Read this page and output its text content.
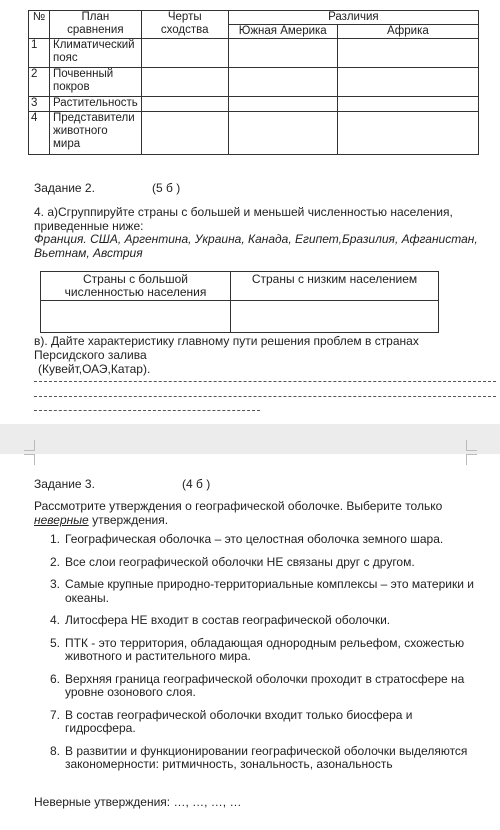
№	План сравнения	Черты сходства	Различия	
			Южная Америка	Африка
1	Климатический пояс			
2	Почвенный покров			
3	Растительность			
4	Представители животного мира			
Задание 2.	(5 б )
4. а)Сгруппируйте страны с большей и меньшей численностью населения, приведенные ниже:
Франция. США, Аргентина, Украина, Канада, Египет,Бразилия, Афганистан, Вьетнам, Австрия
Страны с большой численностью населения	Страны с низким населением

в). Дайте характеристику главному пути решения проблем в странах Персидского залива
(Кувейт,ОАЭ,Катар).
Задание 3.	(4 б )
Рассмотрите утверждения о географической оболочке. Выберите только
неверные утверждения.
1. Географическая оболочка – это целостная оболочка земного шара.
2. Все слои географической оболочки НЕ связаны друг с другом.
3. Самые крупные природно-территориальные комплексы – это материки и океаны.
4. Литосфера НЕ входит в состав географической оболочки.
5. ПТК - это территория, обладающая однородным рельефом, схожестью животного и растительного мира.
6. Верхняя граница географической оболочки проходит в стратосфере на уровне озонового слоя.
7. В состав географической оболочки входит только биосфера и гидросфера.
8. В развитии и функционировании географической оболочки выделяются закономерности: ритмичность, зональность, азональность
Неверные утверждения: …, …, …, …
